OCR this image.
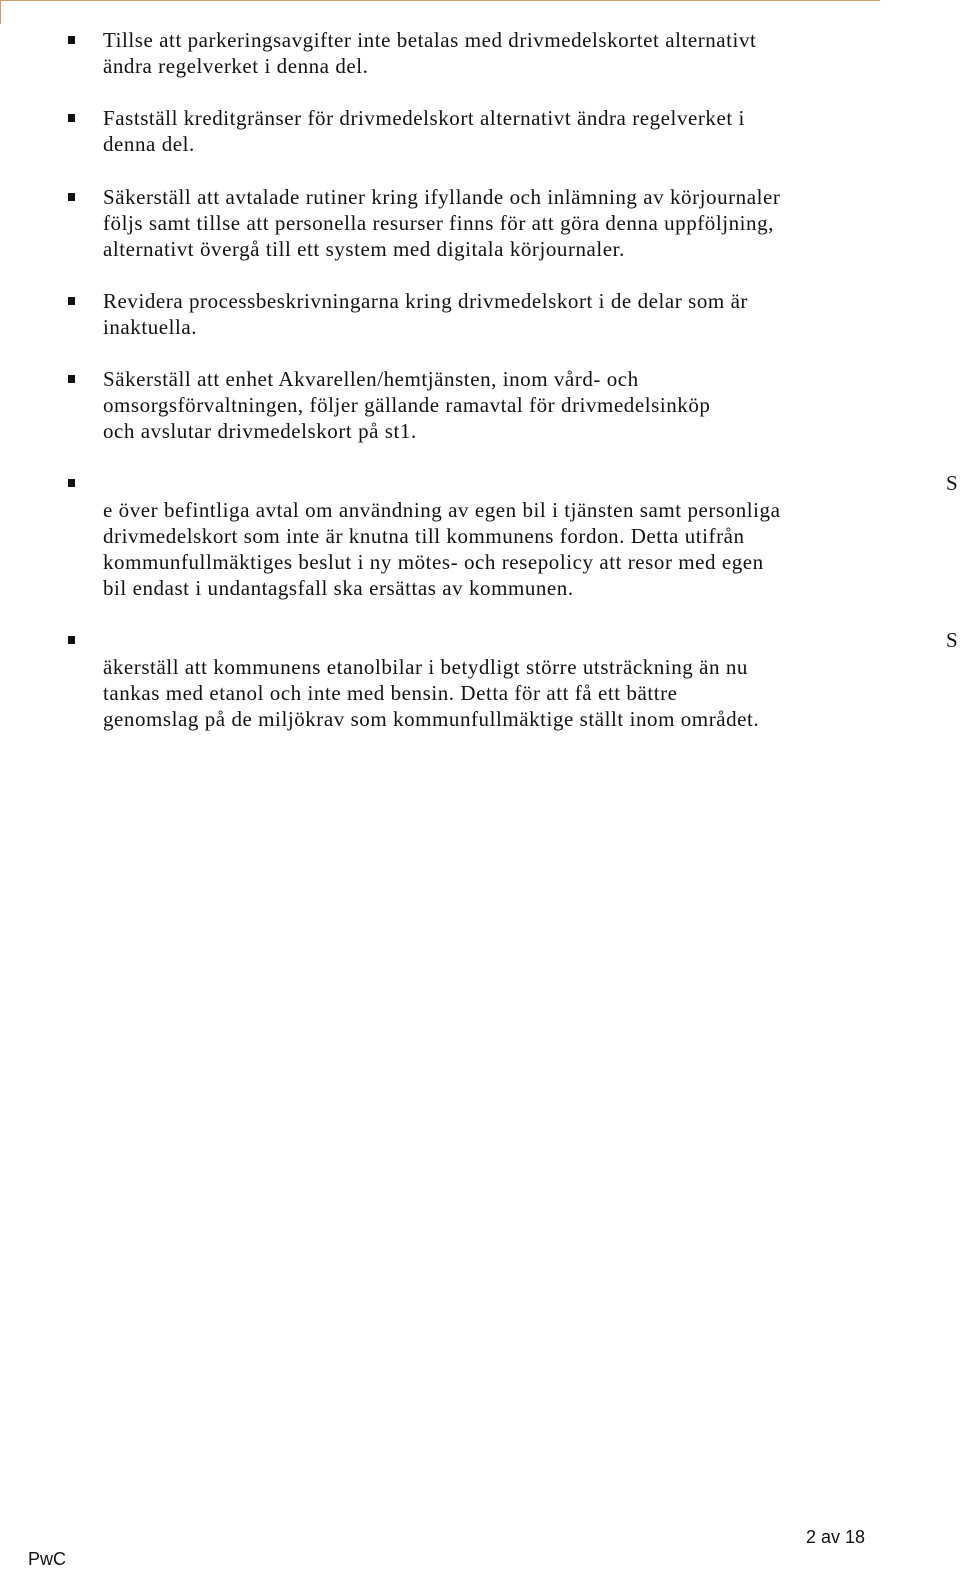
Tillse att parkeringsavgifter inte betalas med drivmedelskortet alternativt
ändra regelverket i denna del.
Fastställ kreditgränser för drivmedelskort alternativt ändra regelverket i
denna del.
Säkerställ att avtalade rutiner kring ifyllande och inlämning av körjournaler
följs samt tillse att personella resurser finns för att göra denna uppföljning,
alternativt övergå till ett system med digitala körjournaler.
Revidera processbeskrivningarna kring drivmedelskort i de delar som är
inaktuella.
Säkerställ att enhet Akvarellen/hemtjänsten, inom vård- och
omsorgsförvaltningen, följer gällande ramavtal för drivmedelsinköp
och avslutar drivmedelskort på st1.
S
e över befintliga avtal om användning av egen bil i tjänsten samt personliga
drivmedelskort som inte är knutna till kommunens fordon. Detta utifrån
kommunfullmäktiges beslut i ny mötes- och resepolicy att resor med egen
bil endast i undantagsfall ska ersättas av kommunen.
S
äkerställ att kommunens etanolbilar i betydligt större utsträckning än nu
tankas med etanol och inte med bensin. Detta för att få ett bättre
genomslag på de miljökrav som kommunfullmäktige ställt inom området.
2 av 18
PwC
